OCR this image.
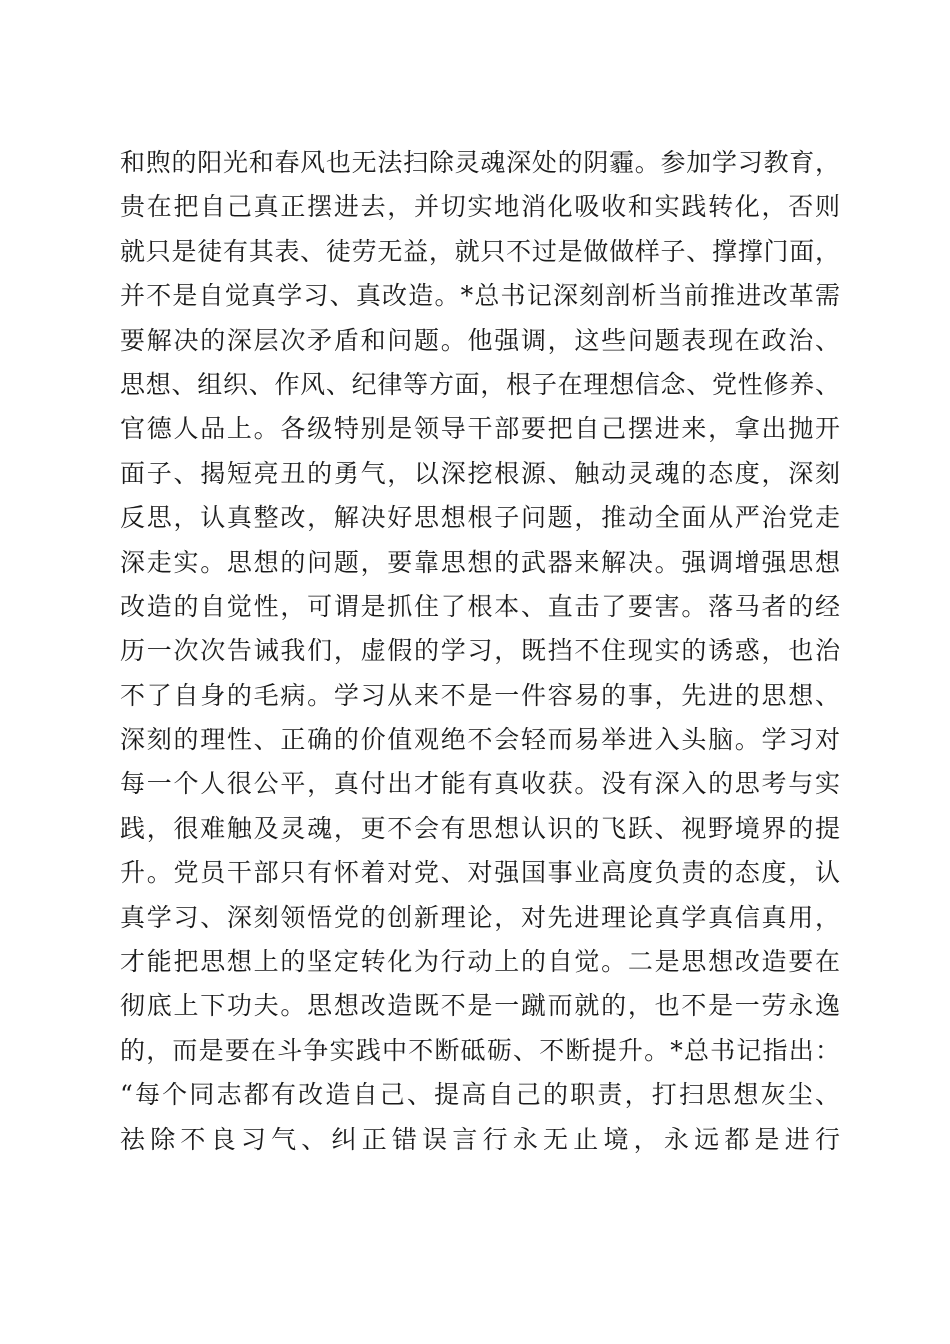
和煦的阳光和春风也无法扫除灵魂深处的阴霾。参加学习教育，
贵在把自己真正摆进去，并切实地消化吸收和实践转化，否则
就只是徒有其表、徒劳无益，就只不过是做做样子、撑撑门面，
并不是自觉真学习、真改造。*总书记深刻剖析当前推进改革需
要解决的深层次矛盾和问题。他强调，这些问题表现在政治、
思想、组织、作风、纪律等方面，根子在理想信念、党性修养、
官德人品上。各级特别是领导干部要把自己摆进来，拿出抛开
面子、揭短亮丑的勇气，以深挖根源、触动灵魂的态度，深刻
反思，认真整改，解决好思想根子问题，推动全面从严治党走
深走实。思想的问题，要靠思想的武器来解决。强调增强思想
改造的自觉性，可谓是抓住了根本、直击了要害。落马者的经
历一次次告诫我们，虚假的学习，既挡不住现实的诱惑，也治
不了自身的毛病。学习从来不是一件容易的事，先进的思想、
深刻的理性、正确的价值观绝不会轻而易举进入头脑。学习对
每一个人很公平，真付出才能有真收获。没有深入的思考与实
践，很难触及灵魂，更不会有思想认识的飞跃、视野境界的提
升。党员干部只有怀着对党、对强国事业高度负责的态度，认
真学习、深刻领悟党的创新理论，对先进理论真学真信真用，
才能把思想上的坚定转化为行动上的自觉。二是思想改造要在
彻底上下功夫。思想改造既不是一蹴而就的，也不是一劳永逸
的，而是要在斗争实践中不断砥砺、不断提升。*总书记指出：
“每个同志都有改造自己、提高自己的职责，打扫思想灰尘、
祛除不良习气、纠正错误言行永无止境，永远都是进行
